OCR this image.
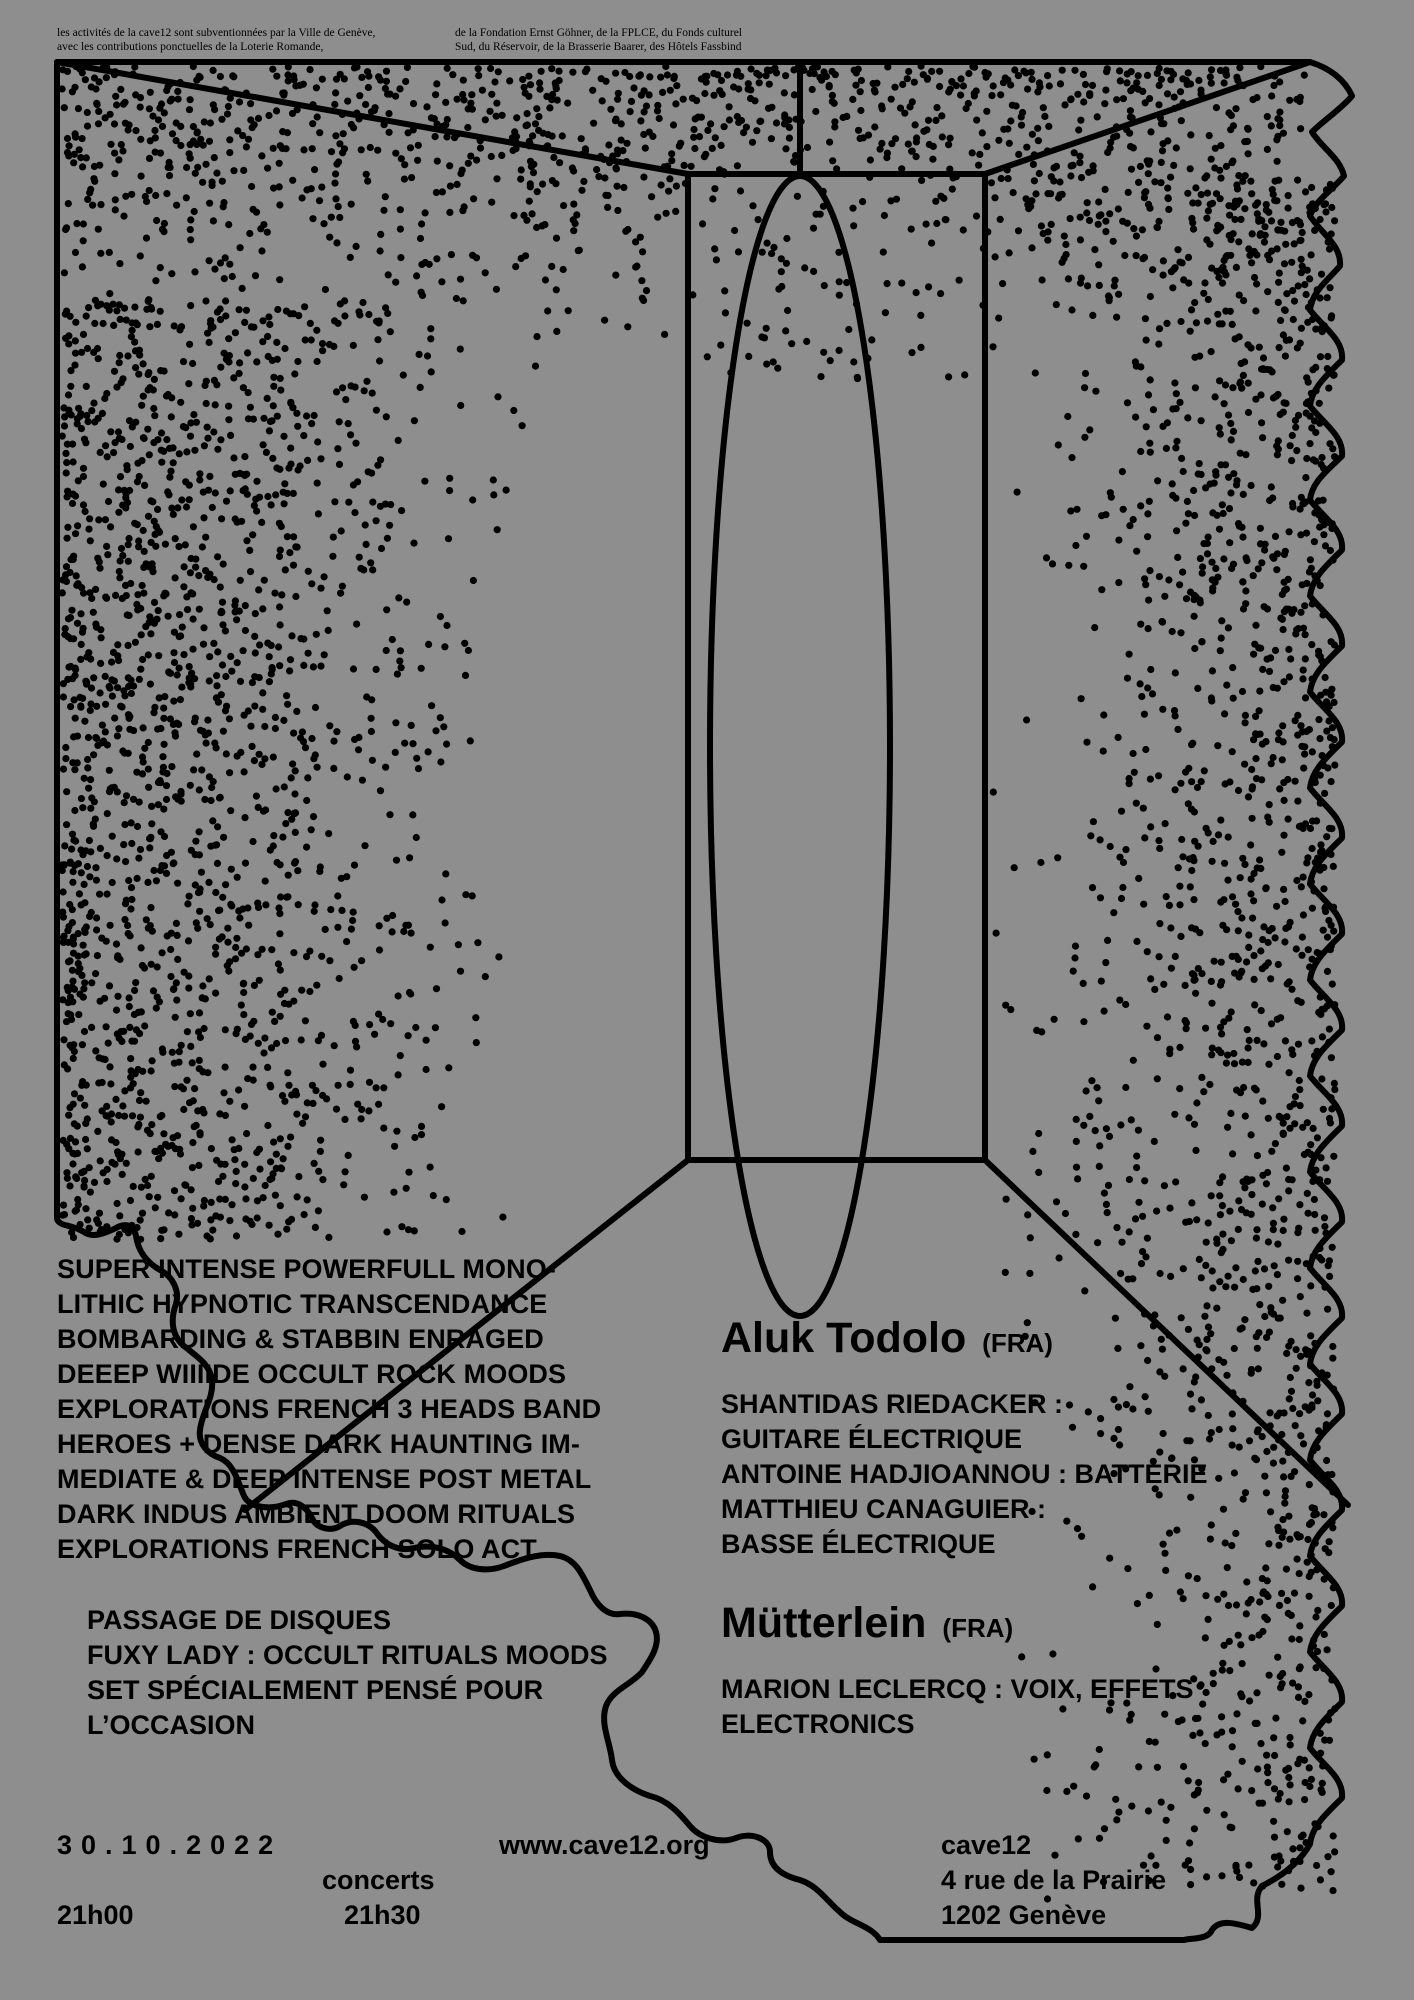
les activités de la cave12 sont subventionnées par la Ville de Genève,
avec les contributions ponctuelles de la Loterie Romande,
de la Fondation Ernst Göhner, de la FPLCE, du Fonds culturel
Sud, du Réservoir, de la Brasserie Baarer, des Hôtels Fassbind
SUPER INTENSE POWERFULL MONO-
LITHIC HYPNOTIC TRANSCENDANCE
BOMBARDING & STABBIN ENRAGED
DEEEP WIIIIDE OCCULT ROCK MOODS
EXPLORATIONS FRENCH 3 HEADS BAND
HEROES + DENSE DARK HAUNTING IM-
MEDIATE & DEEP INTENSE POST METAL
DARK INDUS AMBIENT DOOM RITUALS
EXPLORATIONS FRENCH SOLO ACT
PASSAGE DE DISQUES
FUXY LADY : OCCULT RITUALS MOODS
SET SPÉCIALEMENT PENSÉ POUR
L’OCCASION
Aluk Todolo (FRA)
SHANTIDAS RIEDACKER :
GUITARE ÉLECTRIQUE
ANTOINE HADJIOANNOU : BATTERIE
MATTHIEU CANAGUIER :
BASSE ÉLECTRIQUE
Mütterlein (FRA)
MARION LECLERCQ : VOIX, EFFETS
ELECTRONICS
30.10.2022
21h00
concerts
21h30
www.cave12.org	cave12
4 rue de la Prairie
1202 Genève
